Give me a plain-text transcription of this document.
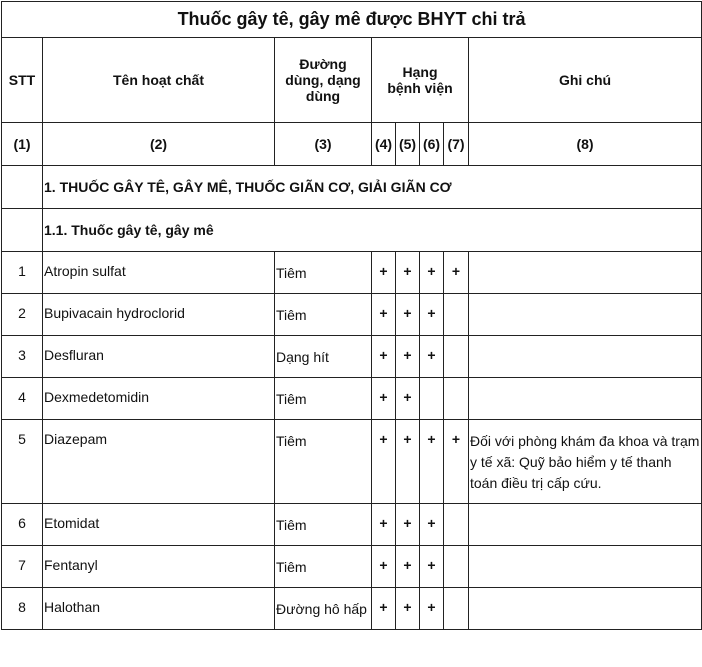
Thuốc gây tê, gây mê được BHYT chi trả							
STT	Tên hoạt chất	Đường dùng, dạng dùng	Hạng bệnh viện				Ghi chú
(1)	(2)	(3)	(4)	(5)	(6)	(7)	(8)
	1. THUỐC GÂY TÊ, GÂY MÊ, THUỐC GIÃN CƠ, GIẢI GIÃN CƠ						
	1.1. Thuốc gây tê, gây mê						
1	Atropin sulfat	Tiêm	+	+	+	+	
2	Bupivacain hydroclorid	Tiêm	+	+	+		
3	Desfluran	Dạng hít	+	+	+		
4	Dexmedetomidin	Tiêm	+	+			
5	Diazepam	Tiêm	+	+	+	+	Đối với phòng khám đa khoa và trạm y tế xã: Quỹ bảo hiểm y tế thanh toán điều trị cấp cứu.
6	Etomidat	Tiêm	+	+	+		
7	Fentanyl	Tiêm	+	+	+		
8	Halothan	Đường hô hấp	+	+	+		
